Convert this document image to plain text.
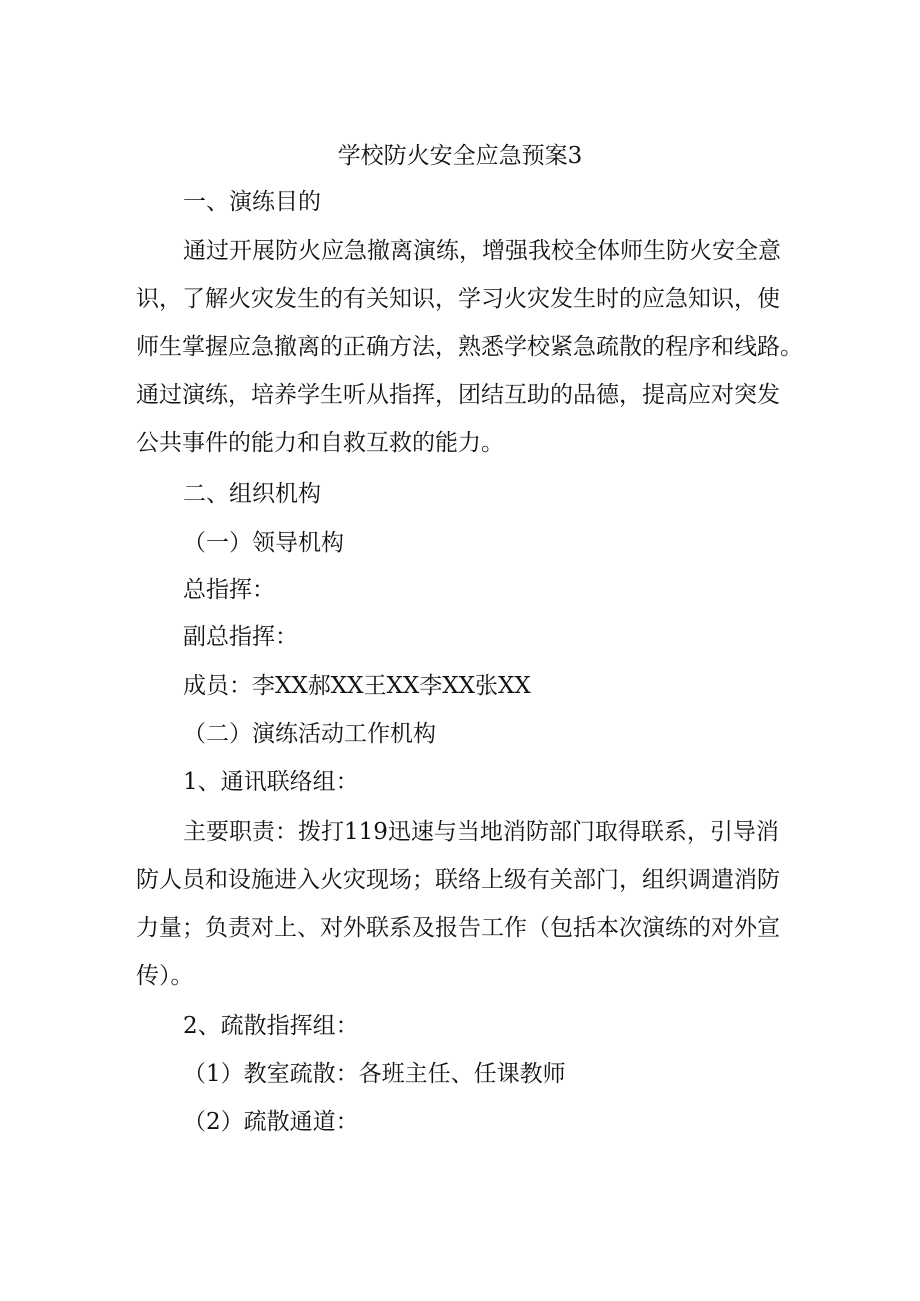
学校防火安全应急预案3
一、演练目的
通过开展防火应急撤离演练，增强我校全体师生防火安全意
识，了解火灾发生的有关知识，学习火灾发生时的应急知识，使
师生掌握应急撤离的正确方法，熟悉学校紧急疏散的程序和线路。
通过演练，培养学生听从指挥，团结互助的品德，提高应对突发
公共事件的能力和自救互救的能力。
二、组织机构
（一）领导机构
总指挥：
副总指挥：
成员：李XX郝XX王XX李XX张XX
（二）演练活动工作机构
1、通讯联络组：
主要职责：拨打119迅速与当地消防部门取得联系，引导消
防人员和设施进入火灾现场；联络上级有关部门，组织调遣消防
力量；负责对上、对外联系及报告工作（包括本次演练的对外宣
传）。
2、疏散指挥组：
（1）教室疏散：各班主任、任课教师
（2）疏散通道：
